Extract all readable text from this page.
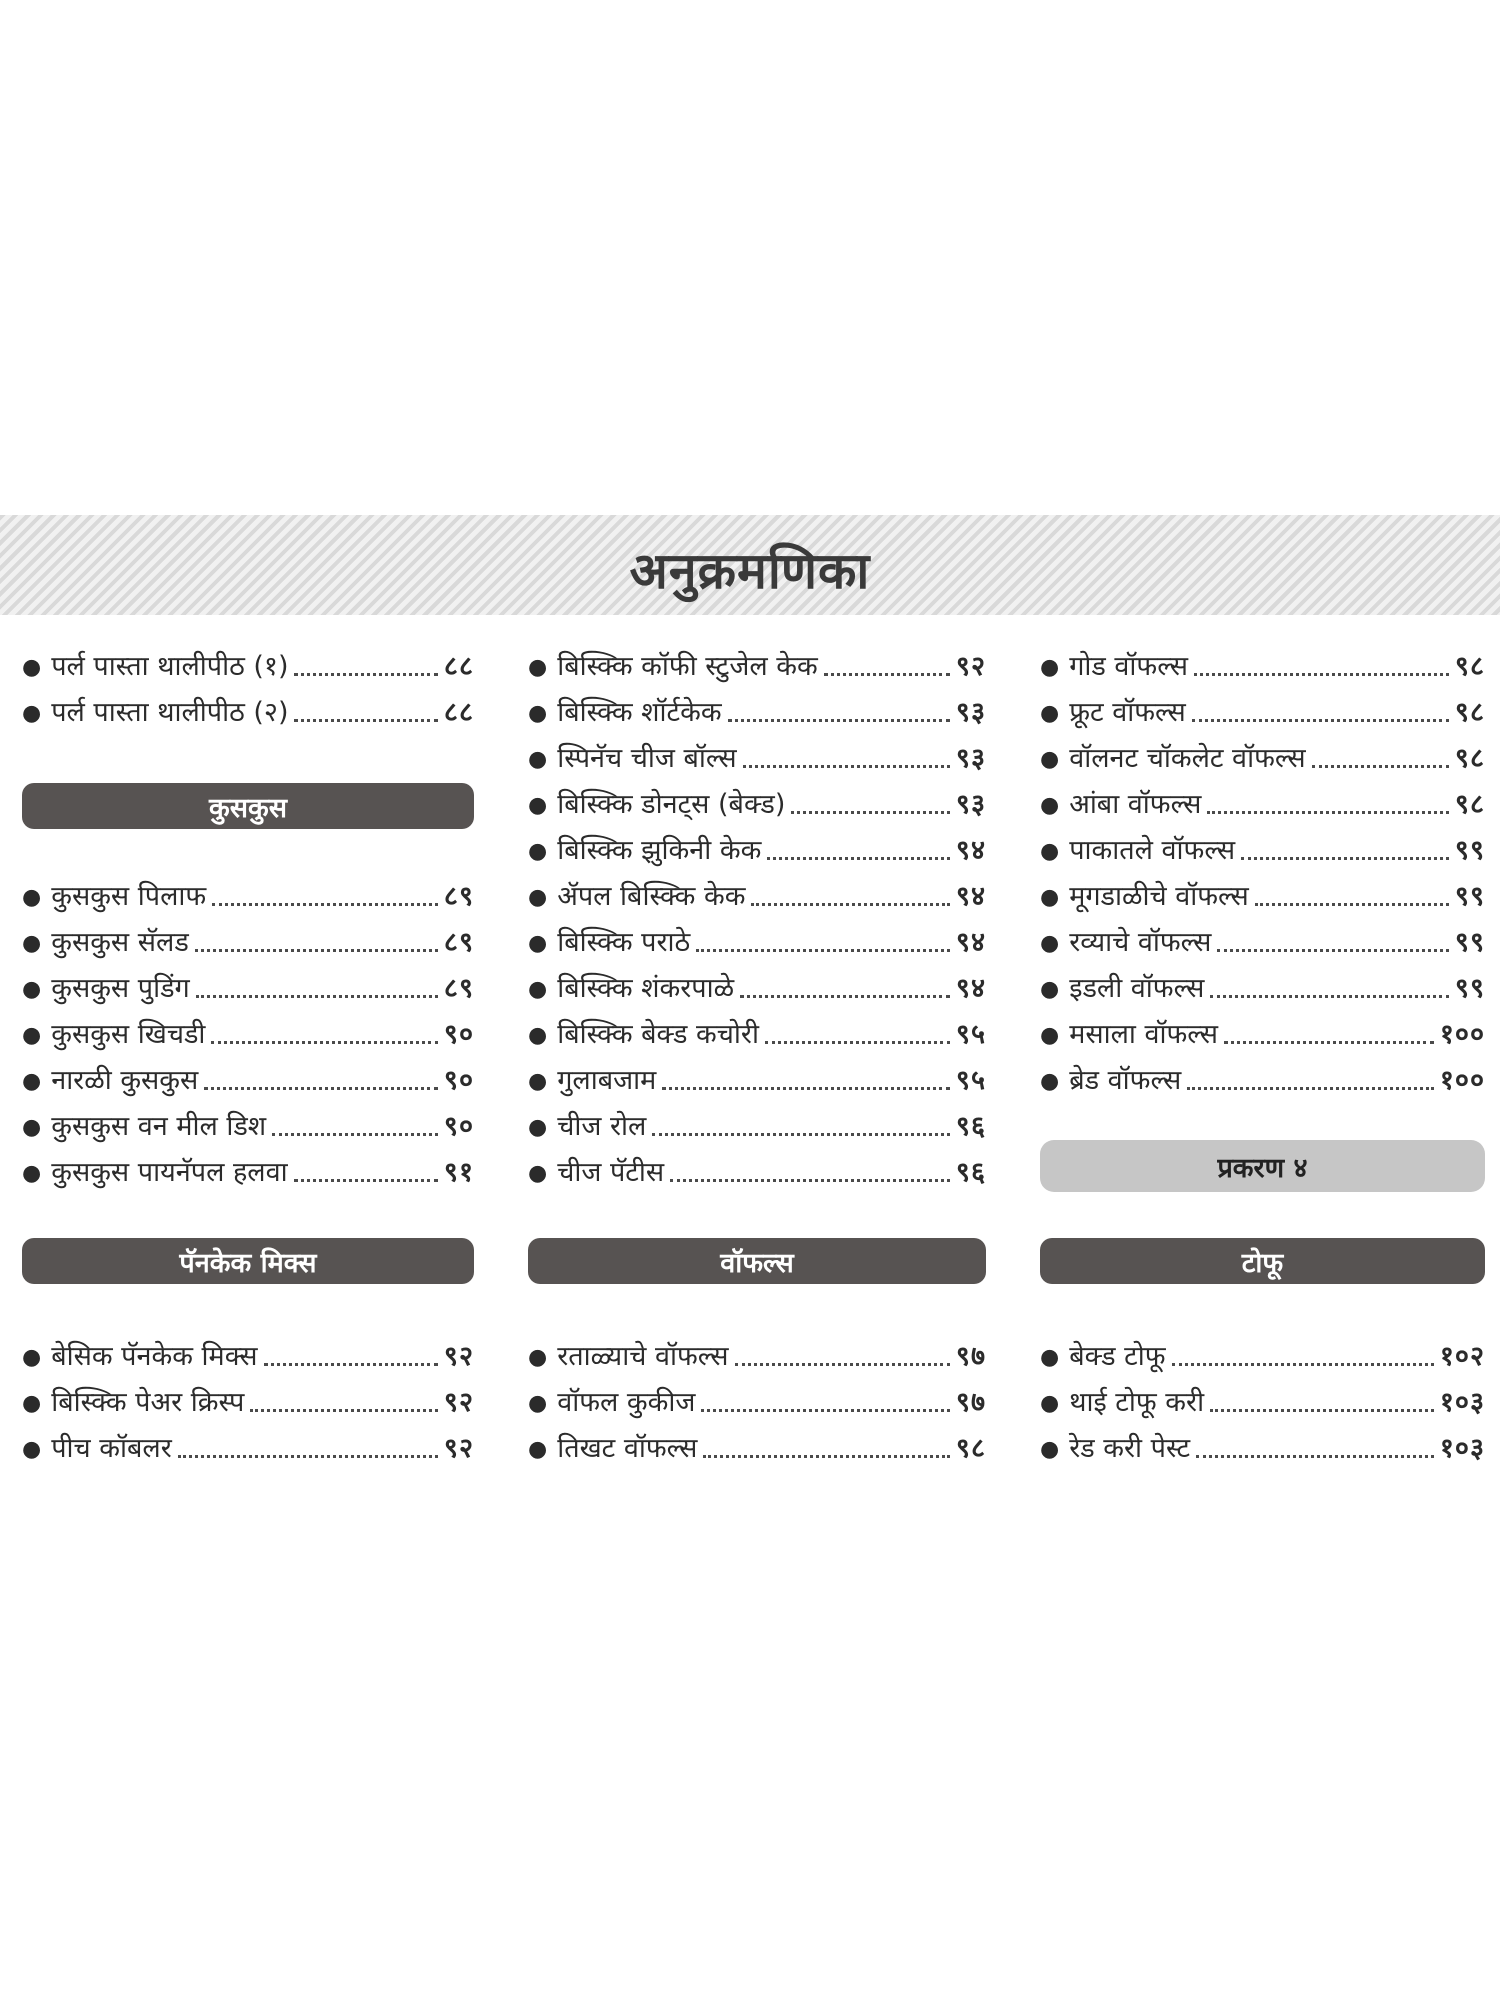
अनुक्रमणिका
● पर्ल पास्ता थालीपीठ (१)	८८
● पर्ल पास्ता थालीपीठ (२)	८८
कुसकुस
● कुसकुस पिलाफ	८९
● कुसकुस सॅलड	८९
● कुसकुस पुडिंग	८९
● कुसकुस खिचडी	९०
● नारळी कुसकुस	९०
● कुसकुस वन मील डिश	९०
● कुसकुस पायनॅपल हलवा	९१
पॅनकेक मिक्स
● बेसिक पॅनकेक मिक्स	९२
● बिस्क्कि पेअर क्रिस्प	९२
● पीच कॉबलर	९२
● बिस्क्कि कॉफी स्टुजेल केक	९२
● बिस्क्कि शॉर्टकेक	९३
● स्पिनॅच चीज बॉल्स	९३
● बिस्क्कि डोनट्स (बेक्ड)	९३
● बिस्क्कि झुकिनी केक	९४
● ॲपल बिस्क्कि केक	९४
● बिस्क्कि पराठे	९४
● बिस्क्कि शंकरपाळे	९४
● बिस्क्कि बेक्ड कचोरी	९५
● गुलाबजाम	९५
● चीज रोल	९६
● चीज पॅटीस	९६
वॉफल्स
● रताळ्याचे वॉफल्स	९७
● वॉफल कुकीज	९७
● तिखट वॉफल्स	९८
● गोड वॉफल्स	९८
● फ्रूट वॉफल्स	९८
● वॉलनट चॉकलेट वॉफल्स	९८
● आंबा वॉफल्स	९८
● पाकातले वॉफल्स	९९
● मूगडाळीचे वॉफल्स	९९
● रव्याचे वॉफल्स	९९
● इडली वॉफल्स	९९
● मसाला वॉफल्स	१००
● ब्रेड वॉफल्स	१००
प्रकरण ४
टोफू
● बेक्ड टोफू	१०२
● थाई टोफू करी	१०३
● रेड करी पेस्ट	१०३
